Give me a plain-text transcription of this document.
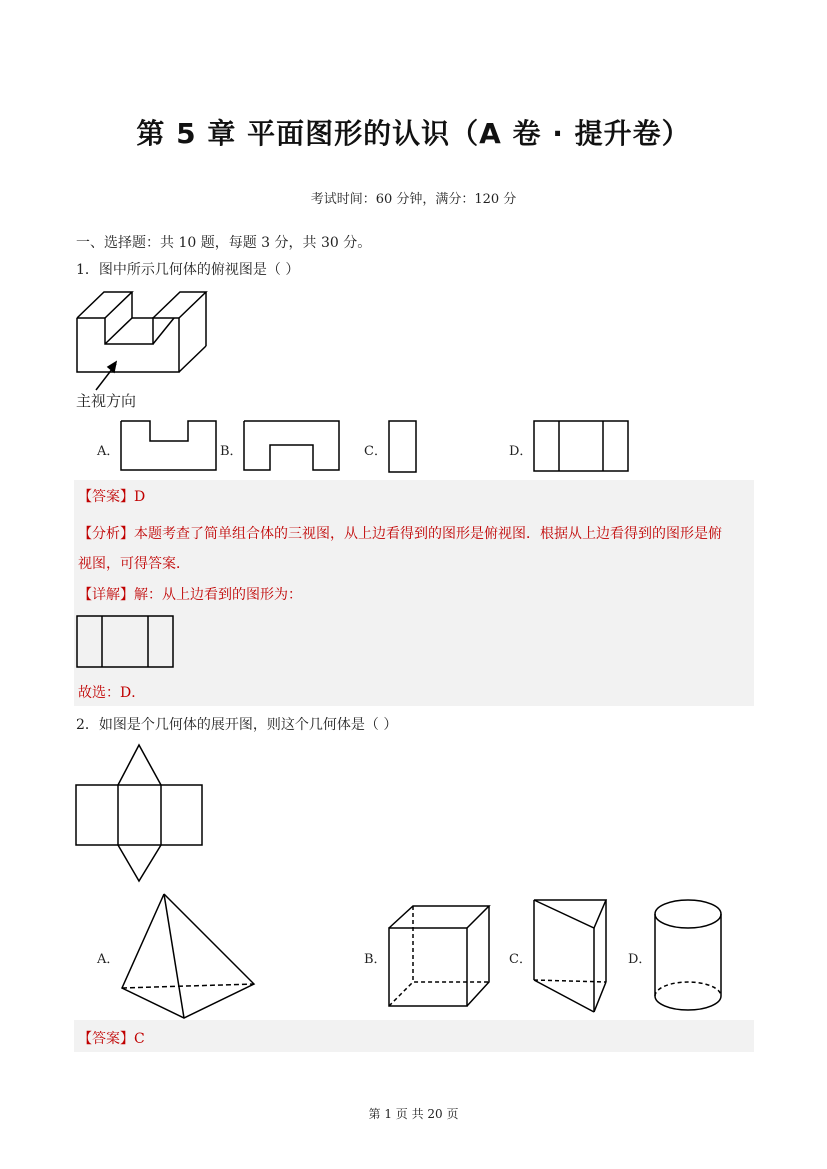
第 5 章 平面图形的认识（A 卷 · 提升卷）
考试时间：60 分钟，满分：120 分
一、选择题：共 10 题，每题 3 分，共 30 分。
1．图中所示几何体的俯视图是（ ）
主视方向
A．	B．	C．	D．
【答案】D
【分析】本题考查了简单组合体的三视图，从上边看得到的图形是俯视图．根据从上边看得到的图形是俯
视图，可得答案．
【详解】解：从上边看到的图形为：
故选：D．
2．如图是个几何体的展开图，则这个几何体是（ ）
A．	B．	C．	D．
【答案】C
第 1 页 共 20 页
